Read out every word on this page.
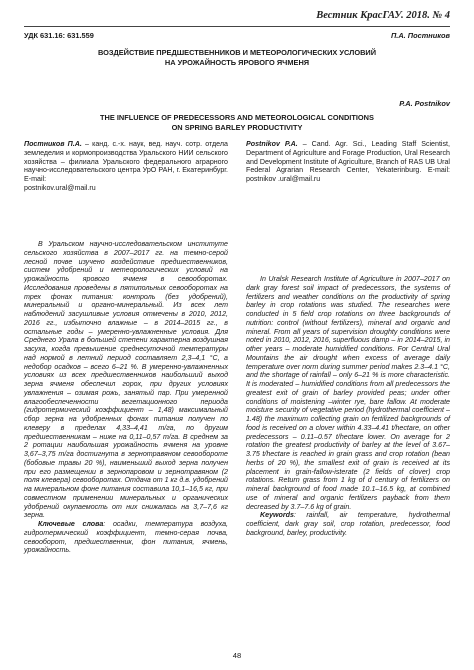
Вестник КрасГАУ. 2018. № 4
УДК 631.16: 631.559	П.А. Постников
ВОЗДЕЙСТВИЕ ПРЕДШЕСТВЕННИКОВ И МЕТЕОРОЛОГИЧЕСКИХ УСЛОВИЙ
НА УРОЖАЙНОСТЬ ЯРОВОГО ЯЧМЕНЯ
P.A. Postnikov
THE INFLUENCE OF PREDECESSORS AND METEOROLOGICAL CONDITIONS
ON SPRING BARLEY PRODUCTIVITY
Постников П.А. – канд. с.-х. наук, вед. науч. сотр. отдела земледелия и кормопроизводства Уральского НИИ сельского хозяйства – филиала Уральского федерального аграрного научно-исследовательского центра УрО РАН, г. Екатеринбург. E-mail:
postnikov.ural@mail.ru
Postnikov P.A. – Cand. Agr. Sci., Leading Staff Scientist, Department of Agriculture and Forage Production, Ural Research and Development Institute of Agriculture, Branch of RAS UB Ural Federal Agrarian Research Center, Yekaterinburg. E-mail: postnikov .ural@mail.ru

В Уральском научно-исследовательском институте сельского хозяйства в 2007–2017 гг. на темно-серой лесной почве изучено воздействие предшественников, систем удобрений и метеорологических условий на урожайность ярового ячменя в севооборотах. Исследования проведены в пятипольных севооборотах на трех фонах питания: контроль (без удобрений), минеральный и органо-минеральный. Из всех лет наблюдений засушливые условия отмечены в 2010, 2012, 2016 гг., избыточно влажные – в 2014–2015 гг., в остальные годы – умеренно-увлажненные условия. Для Среднего Урала в большей степени характерна воздушная засуха, когда превышение среднесуточной температуры над нормой в летний период составляет 2,3–4,1 °С, а недобор осадков – всего 6–21 %. В умеренно-увлажненных условиях из всех предшественников наибольший выход зерна ячменя обеспечил горох, при других условиях увлажнения – озимая рожь, занятый пар. При умеренной влагообеспеченности вегетационного периода (гидротермический коэффициент – 1,48) максимальный сбор зерна на удобренных фонах питания получен по клеверу в пределах 4,33–4,41 т/га, по другим предшественникам – ниже на 0,11–0,57 т/га. В среднем за 2 ротации наибольшая урожайность ячменя на уровне 3,67–3,75 т/га достигнута в зернотравяном севообороте (бобовые травы 20 %), наименьший выход зерна получен при его размещении в зернопаровом и зернотравяном (2 поля клевера) севооборотах. Отдача от 1 кг д.в. удобрений на минеральном фоне питания составила 10,1–16,5 кг, при совместном применении минеральных и органических удобрений окупаемость от них снижалась на 3,7–7,6 кг зерна.

Ключевые слова: осадки, температура воздуха, гидротермический коэффициент, темно-серая почва, севооборот, предшественник, фон питания, ячмень, урожайность.

In Uralsk Research Institute of Agriculture in 2007–2017 on dark gray forest soil impact of predecessors, the systems of fertilizers and weather conditions on the productivity of spring barley in crop rotations was studied. The researches were conducted in 5 field crop rotations on three backgrounds of nutrition: control (without fertilizers), mineral and organic and mineral. From all years of supervision droughty conditions were noted in 2010, 2012, 2016, superfluous damp – in 2014–2015, in other years – moderate humidified conditions. For Central Ural Mountains the air drought when excess of average daily temperature over norm during summer period makes 2.3–4.1 °C, and the shortage of rainfall – only 6–21 % is more characteristic. It is moderated – humidified conditions from all predecessors the greatest exit of grain of barley provided peas; under other conditions of moistening –winter rye, bare fallow. At moderate moisture security of vegetative period (hydrothermal coefficient – 1.48) the maximum collecting grain on fertilized backgrounds of food is received on a clover within 4.33–4.41 t/hectare, on other predecessors – 0.11–0.57 t/hectare lower. On average for 2 rotation the greatest productivity of barley at the level of 3.67–3.75 t/hectare is reached in grain grass and crop rotation (bean herbs of 20 %), the smallest exit of grain is received at its placement in grain-fallow-isterate (2 fields of clover) crop rotations. Return grass from 1 kg of d century of fertilizers on mineral background of food made 10.1–16.5 kg, at combined use of mineral and organic fertilizers payback from them decreased by 3.7–7.6 kg of grain.

Keywords: rainfall, air temperature, hydrothermal coefficient, dark gray soil, crop rotation, predecessor, food background, barley, productivity.

48
